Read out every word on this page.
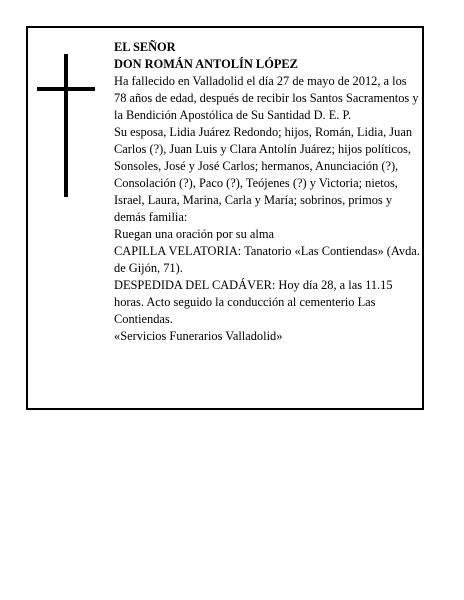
EL SEÑOR

DON ROMÁN ANTOLÍN LÓPEZ

Ha fallecido en Valladolid el día 27 de mayo de 2012, a los 78 años de edad, después de recibir los Santos Sacramentos y la Bendición Apostólica de Su Santidad D. E. P.

Su esposa, Lidia Juárez Redondo; hijos, Román, Lidia, Juan Carlos (?), Juan Luis y Clara Antolín Juárez; hijos políticos, Sonsoles, José y José Carlos; hermanos, Anunciación (?), Consolación (?), Paco (?), Teójenes (?) y Victoria; nietos, Israel, Laura, Marina, Carla y María; sobrinos, primos y demás familia:

Ruegan una oración por su alma

CAPILLA VELATORIA: Tanatorio «Las Contiendas» (Avda. de Gijón, 71).

DESPEDIDA DEL CADÁVER: Hoy día 28, a las 11.15 horas. Acto seguido la conducción al cementerio Las Contiendas.

«Servicios Funerarios Valladolid»
